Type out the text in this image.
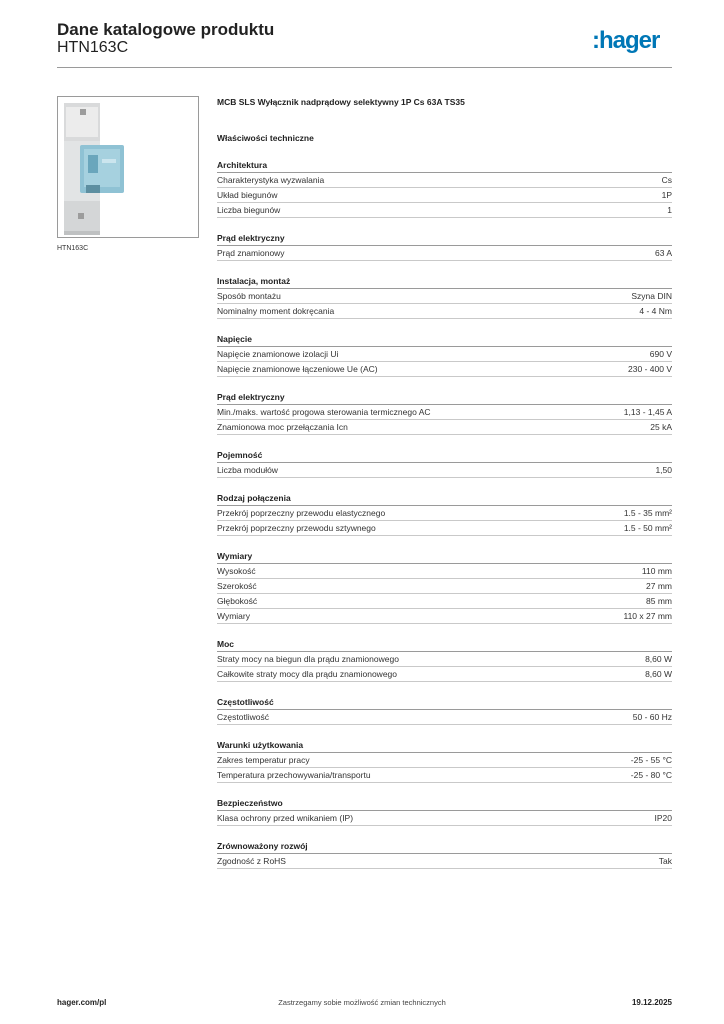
Dane katalogowe produktu
HTN163C	:hager
HTN163C
MCB SLS Wyłącznik nadprądowy selektywny 1P Cs 63A TS35
Właściwości techniczne
Architektura
Charakterystyka wyzwalania	Cs
Układ biegunów	1P
Liczba biegunów	1
Prąd elektryczny
Prąd znamionowy	63 A
Instalacja, montaż
Sposób montażu	Szyna DIN
Nominalny moment dokręcania	4 - 4 Nm
Napięcie
Napięcie znamionowe izolacji Ui	690 V
Napięcie znamionowe łączeniowe Ue (AC)	230 - 400 V
Prąd elektryczny
Min./maks. wartość progowa sterowania termicznego AC	1,13 - 1,45 A
Znamionowa moc przełączania Icn	25 kA
Pojemność
Liczba modułów	1,50
Rodzaj połączenia
Przekrój poprzeczny przewodu elastycznego	1.5 - 35 mm²
Przekrój poprzeczny przewodu sztywnego	1.5 - 50 mm²
Wymiary
Wysokość	110 mm
Szerokość	27 mm
Głębokość	85 mm
Wymiary	110 x 27 mm
Moc
Straty mocy na biegun dla prądu znamionowego	8,60 W
Całkowite straty mocy dla prądu znamionowego	8,60 W
Częstotliwość
Częstotliwość	50 - 60 Hz
Warunki użytkowania
Zakres temperatur pracy	-25 - 55 °C
Temperatura przechowywania/transportu	-25 - 80 °C
Bezpieczeństwo
Klasa ochrony przed wnikaniem (IP)	IP20
Zrównoważony rozwój
Zgodność z RoHS	Tak
hager.com/pl	Zastrzegamy sobie możliwość zmian technicznych	19.12.2025
